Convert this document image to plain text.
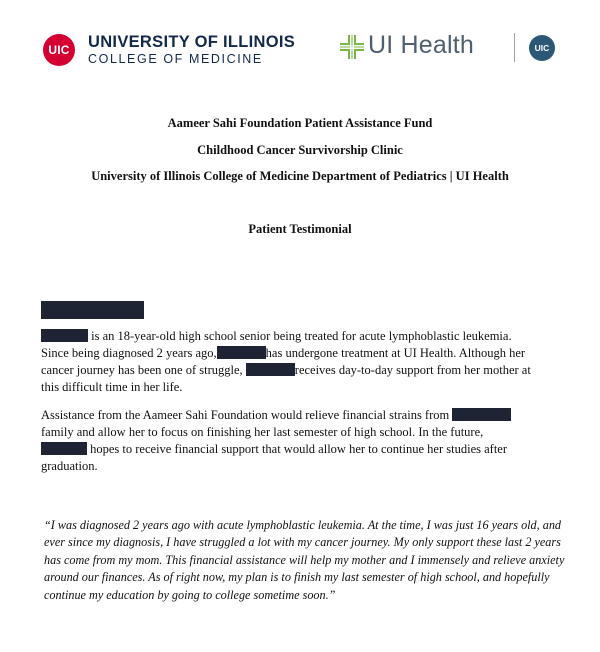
UIC	UNIVERSITY OF ILLINOIS
COLLEGE OF MEDICINE	UI Health	UIC
Aameer Sahi Foundation Patient Assistance Fund
Childhood Cancer Survivorship Clinic
University of Illinois College of Medicine Department of Pediatrics | UI Health
Patient Testimonial
is an 18-year-old high school senior being treated for acute lymphoblastic leukemia.
Since being diagnosed 2 years ago,	has undergone treatment at UI Health. Although her
cancer journey has been one of struggle,	receives day-to-day support from her mother at
this difficult time in her life.
Assistance from the Aameer Sahi Foundation would relieve financial strains from
family and allow her to focus on finishing her last semester of high school. In the future,
hopes to receive financial support that would allow her to continue her studies after
graduation.
“I was diagnosed 2 years ago with acute lymphoblastic leukemia. At the time, I was just 16 years old, and ever since my diagnosis, I have struggled a lot with my cancer journey. My only support these last 2 years has come from my mom. This financial assistance will help my mother and I immensely and relieve anxiety around our finances. As of right now, my plan is to finish my last semester of high school, and hopefully continue my education by going to college sometime soon.”
